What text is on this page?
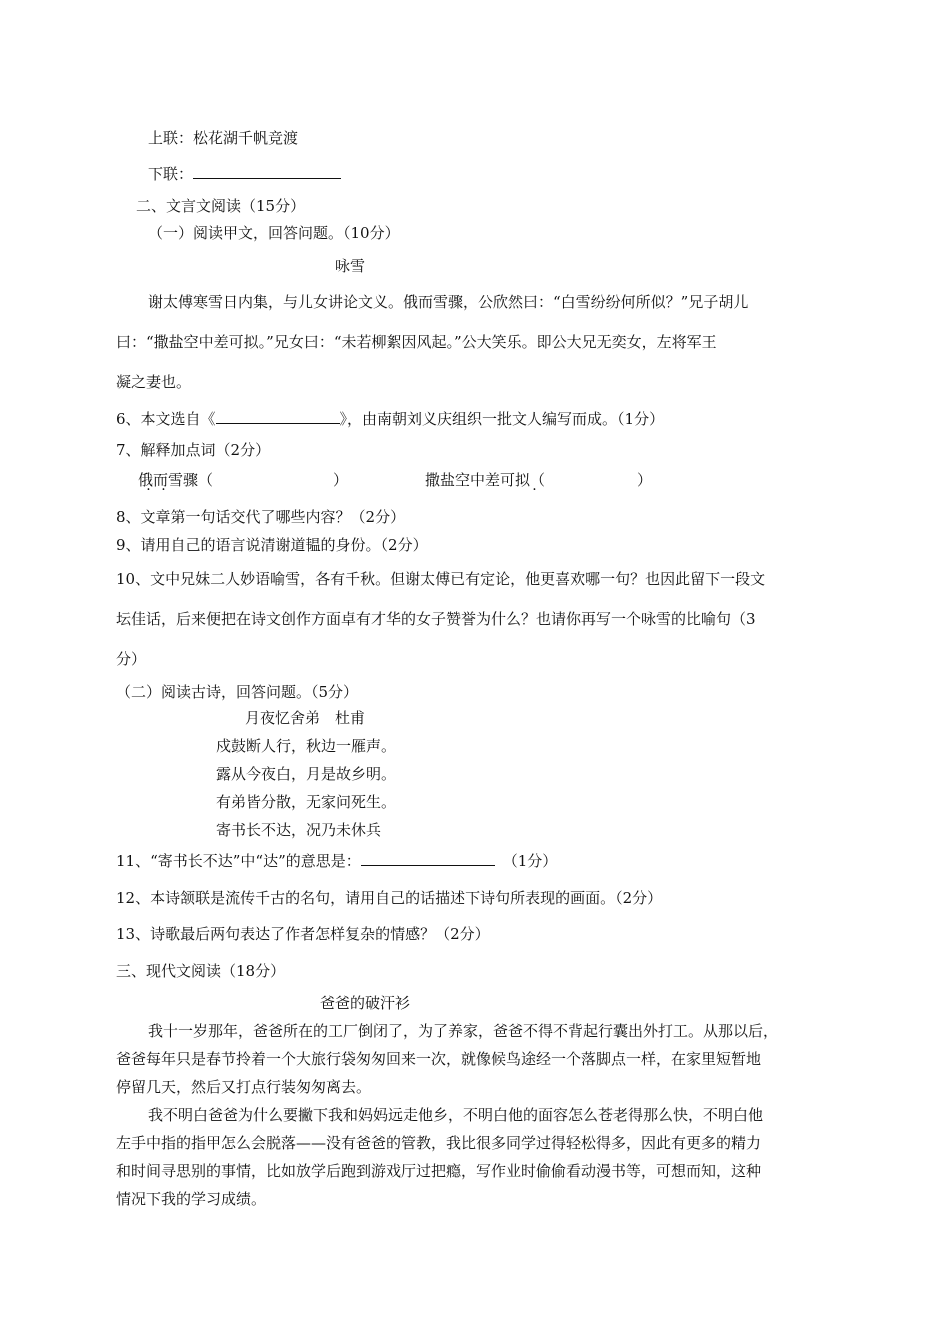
上联：松花湖千帆竞渡
下联：
二、文言文阅读（15分）
（一）阅读甲文，回答问题。（10分）
咏雪
谢太傅寒雪日内集，与儿女讲论文义。俄而雪骤，公欣然曰：“白雪纷纷何所似？”兄子胡儿
曰：“撒盐空中差可拟。”兄女曰：“未若柳絮因风起。”公大笑乐。即公大兄无奕女，左将军王
凝之妻也。
6、本文选自《	》，由南朝刘义庆组织一批文人编写而成。（1分）
7、解释加点词（2分）
俄而雪骤（	） · ·	撒盐空中差可拟（	）
·
8、文章第一句话交代了哪些内容？（2分）
9、请用自己的语言说清谢道韫的身份。（2分）
10、文中兄妹二人妙语喻雪，各有千秋。但谢太傅已有定论，他更喜欢哪一句？也因此留下一段文
坛佳话，后来便把在诗文创作方面卓有才华的女子赞誉为什么？也请你再写一个咏雪的比喻句（3
分）
（二）阅读古诗，回答问题。（5分）
月夜忆舍弟　杜甫
戍鼓断人行，秋边一雁声。
露从今夜白，月是故乡明。
有弟皆分散，无家问死生。
寄书长不达，况乃未休兵
11、“寄书长不达”中“达”的意思是：	（1分）
12、本诗颔联是流传千古的名句，请用自己的话描述下诗句所表现的画面。（2分）
13、诗歌最后两句表达了作者怎样复杂的情感？（2分）
三、现代文阅读（18分）
爸爸的破汗衫
我十一岁那年，爸爸所在的工厂倒闭了，为了养家，爸爸不得不背起行囊出外打工。从那以后，
爸爸每年只是春节拎着一个大旅行袋匆匆回来一次，就像候鸟途经一个落脚点一样，在家里短暂地
停留几天，然后又打点行装匆匆离去。
我不明白爸爸为什么要撇下我和妈妈远走他乡，不明白他的面容怎么苍老得那么快，不明白他
左手中指的指甲怎么会脱落——没有爸爸的管教，我比很多同学过得轻松得多，因此有更多的精力
和时间寻思别的事情，比如放学后跑到游戏厅过把瘾，写作业时偷偷看动漫书等，可想而知，这种
情况下我的学习成绩。
